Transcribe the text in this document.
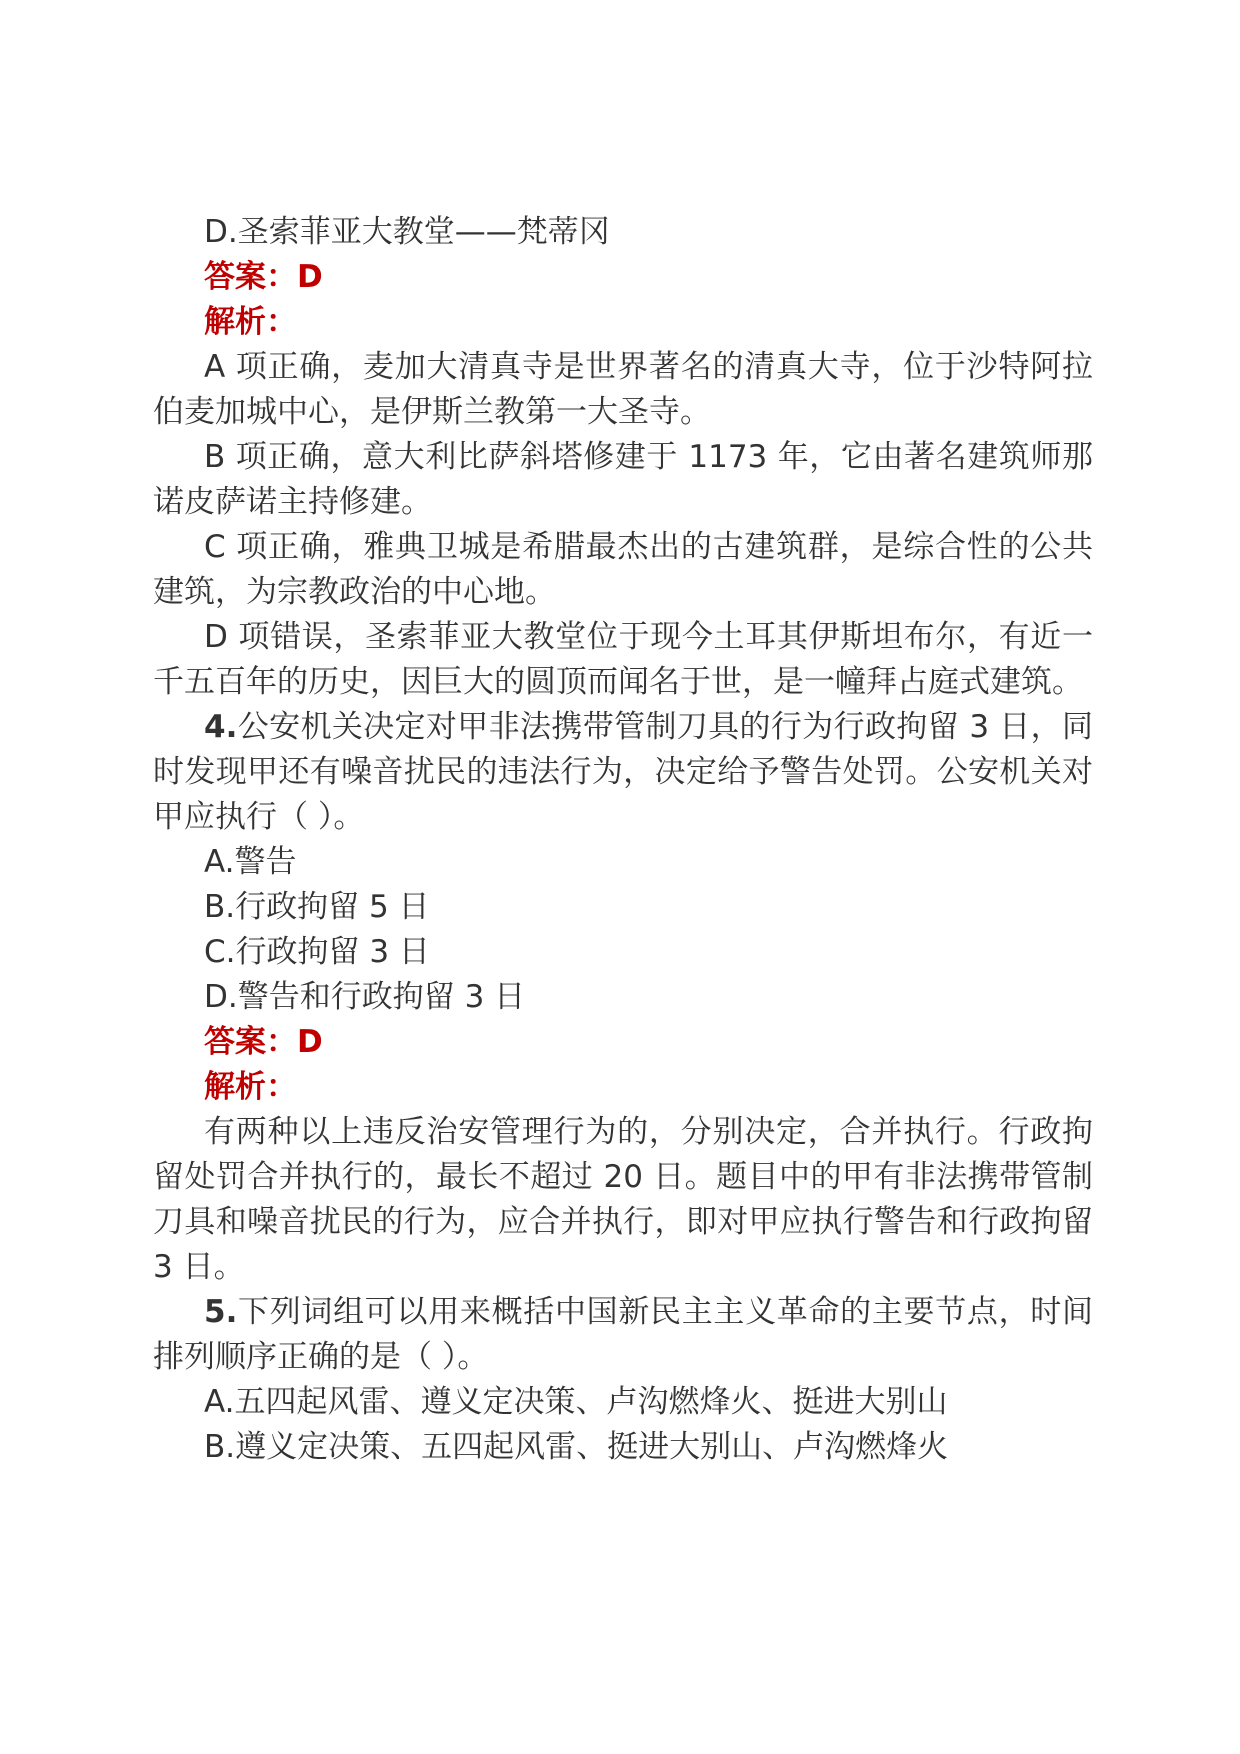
D.圣索菲亚大教堂——梵蒂冈

答案：D

解析：

A 项正确，麦加大清真寺是世界著名的清真大寺，位于沙特阿拉伯麦加城中心，是伊斯兰教第一大圣寺。

B 项正确，意大利比萨斜塔修建于 1173 年，它由著名建筑师那诺皮萨诺主持修建。

C 项正确，雅典卫城是希腊最杰出的古建筑群，是综合性的公共建筑，为宗教政治的中心地。

D 项错误，圣索菲亚大教堂位于现今土耳其伊斯坦布尔，有近一千五百年的历史，因巨大的圆顶而闻名于世，是一幢拜占庭式建筑。

4.公安机关决定对甲非法携带管制刀具的行为行政拘留 3 日，同时发现甲还有噪音扰民的违法行为，决定给予警告处罚。公安机关对甲应执行（ ）。

A.警告

B.行政拘留 5 日

C.行政拘留 3 日

D.警告和行政拘留 3 日

答案：D

解析：

有两种以上违反治安管理行为的，分别决定，合并执行。行政拘留处罚合并执行的，最长不超过 20 日。题目中的甲有非法携带管制刀具和噪音扰民的行为，应合并执行，即对甲应执行警告和行政拘留 3 日。

5.下列词组可以用来概括中国新民主主义革命的主要节点，时间排列顺序正确的是（ ）。

A.五四起风雷、遵义定决策、卢沟燃烽火、挺进大别山

B.遵义定决策、五四起风雷、挺进大别山、卢沟燃烽火
